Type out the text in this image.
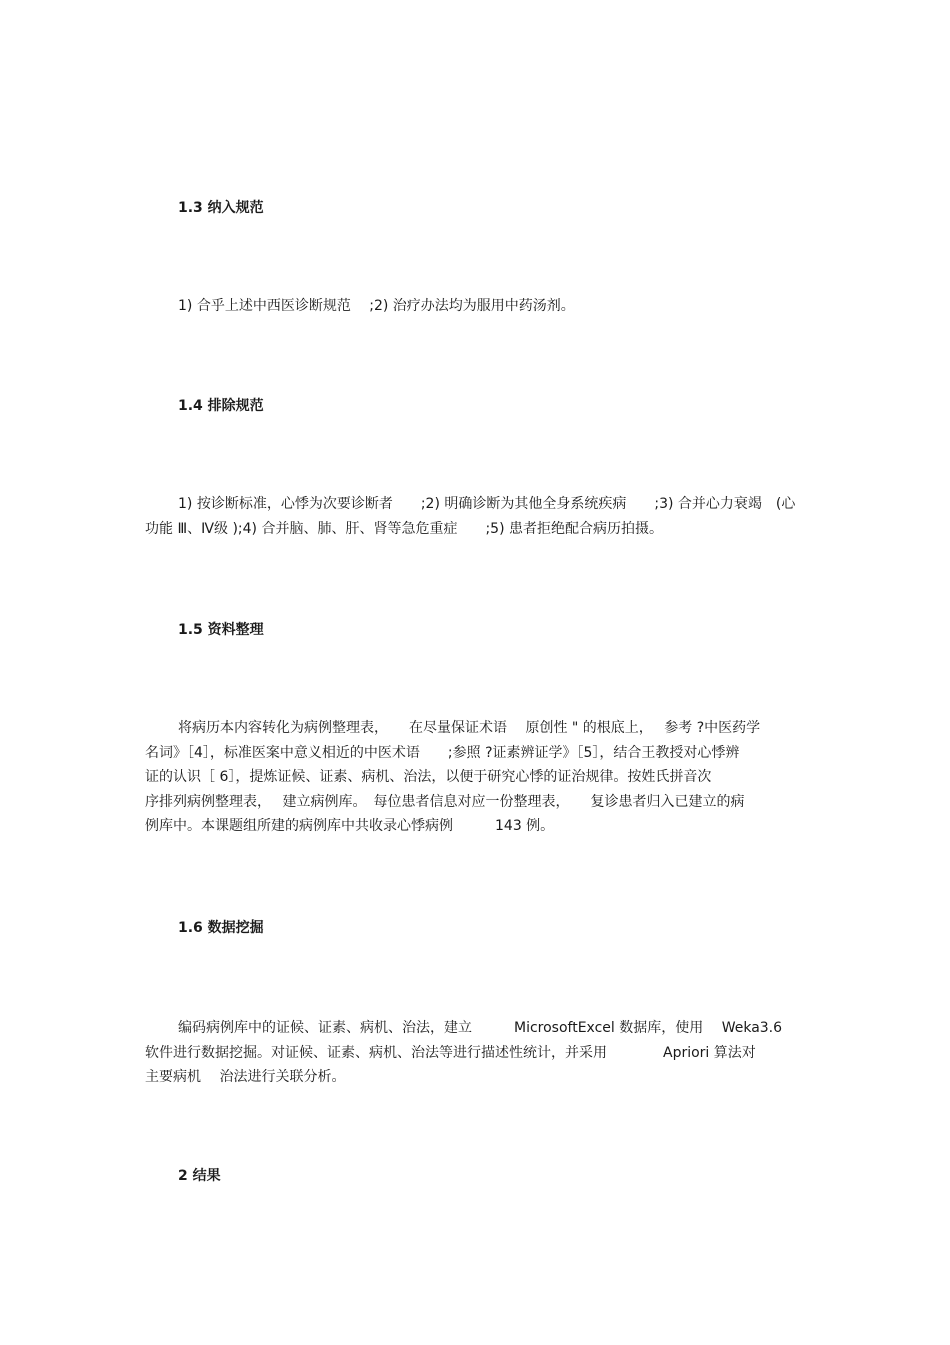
1.3 纳入规范
1) 合乎上述中西医诊断规范　 ;2) 治疗办法均为服用中药汤剂。
1.4 排除规范
1) 按诊断标准，心悸为次要诊断者　　;2) 明确诊断为其他全身系统疾病　　;3) 合并心力衰竭　(心
功能 Ⅲ、Ⅳ级 );4) 合并脑、肺、肝、肾等急危重症　　;5) 患者拒绝配合病历拍摄。
1.5 资料整理
将病历本内容转化为病例整理表，　　在尽量保证术语　 原创性 " 的根底上，　 参考 ?中医药学
名词》［4］，标准医案中意义相近的中医术语　　;参照 ?证素辨证学》［5］，结合王教授对心悸辨
证的认识［ 6］，提炼证候、证素、病机、治法，以便于研究心悸的证治规律。按姓氏拼音次
序排列病例整理表，　 建立病例库。　每位患者信息对应一份整理表，　　复诊患者归入已建立的病
例库中。本课题组所建的病例库中共收录心悸病例　　　143 例。
1.6 数据挖掘
编码病例库中的证候、证素、病机、治法，建立　　　MicrosoftExcel 数据库，使用　 Weka3.6
软件进行数据挖掘。对证候、证素、病机、治法等进行描述性统计，并采用　　　　Apriori 算法对
主要病机　 治法进行关联分析。
2 结果
